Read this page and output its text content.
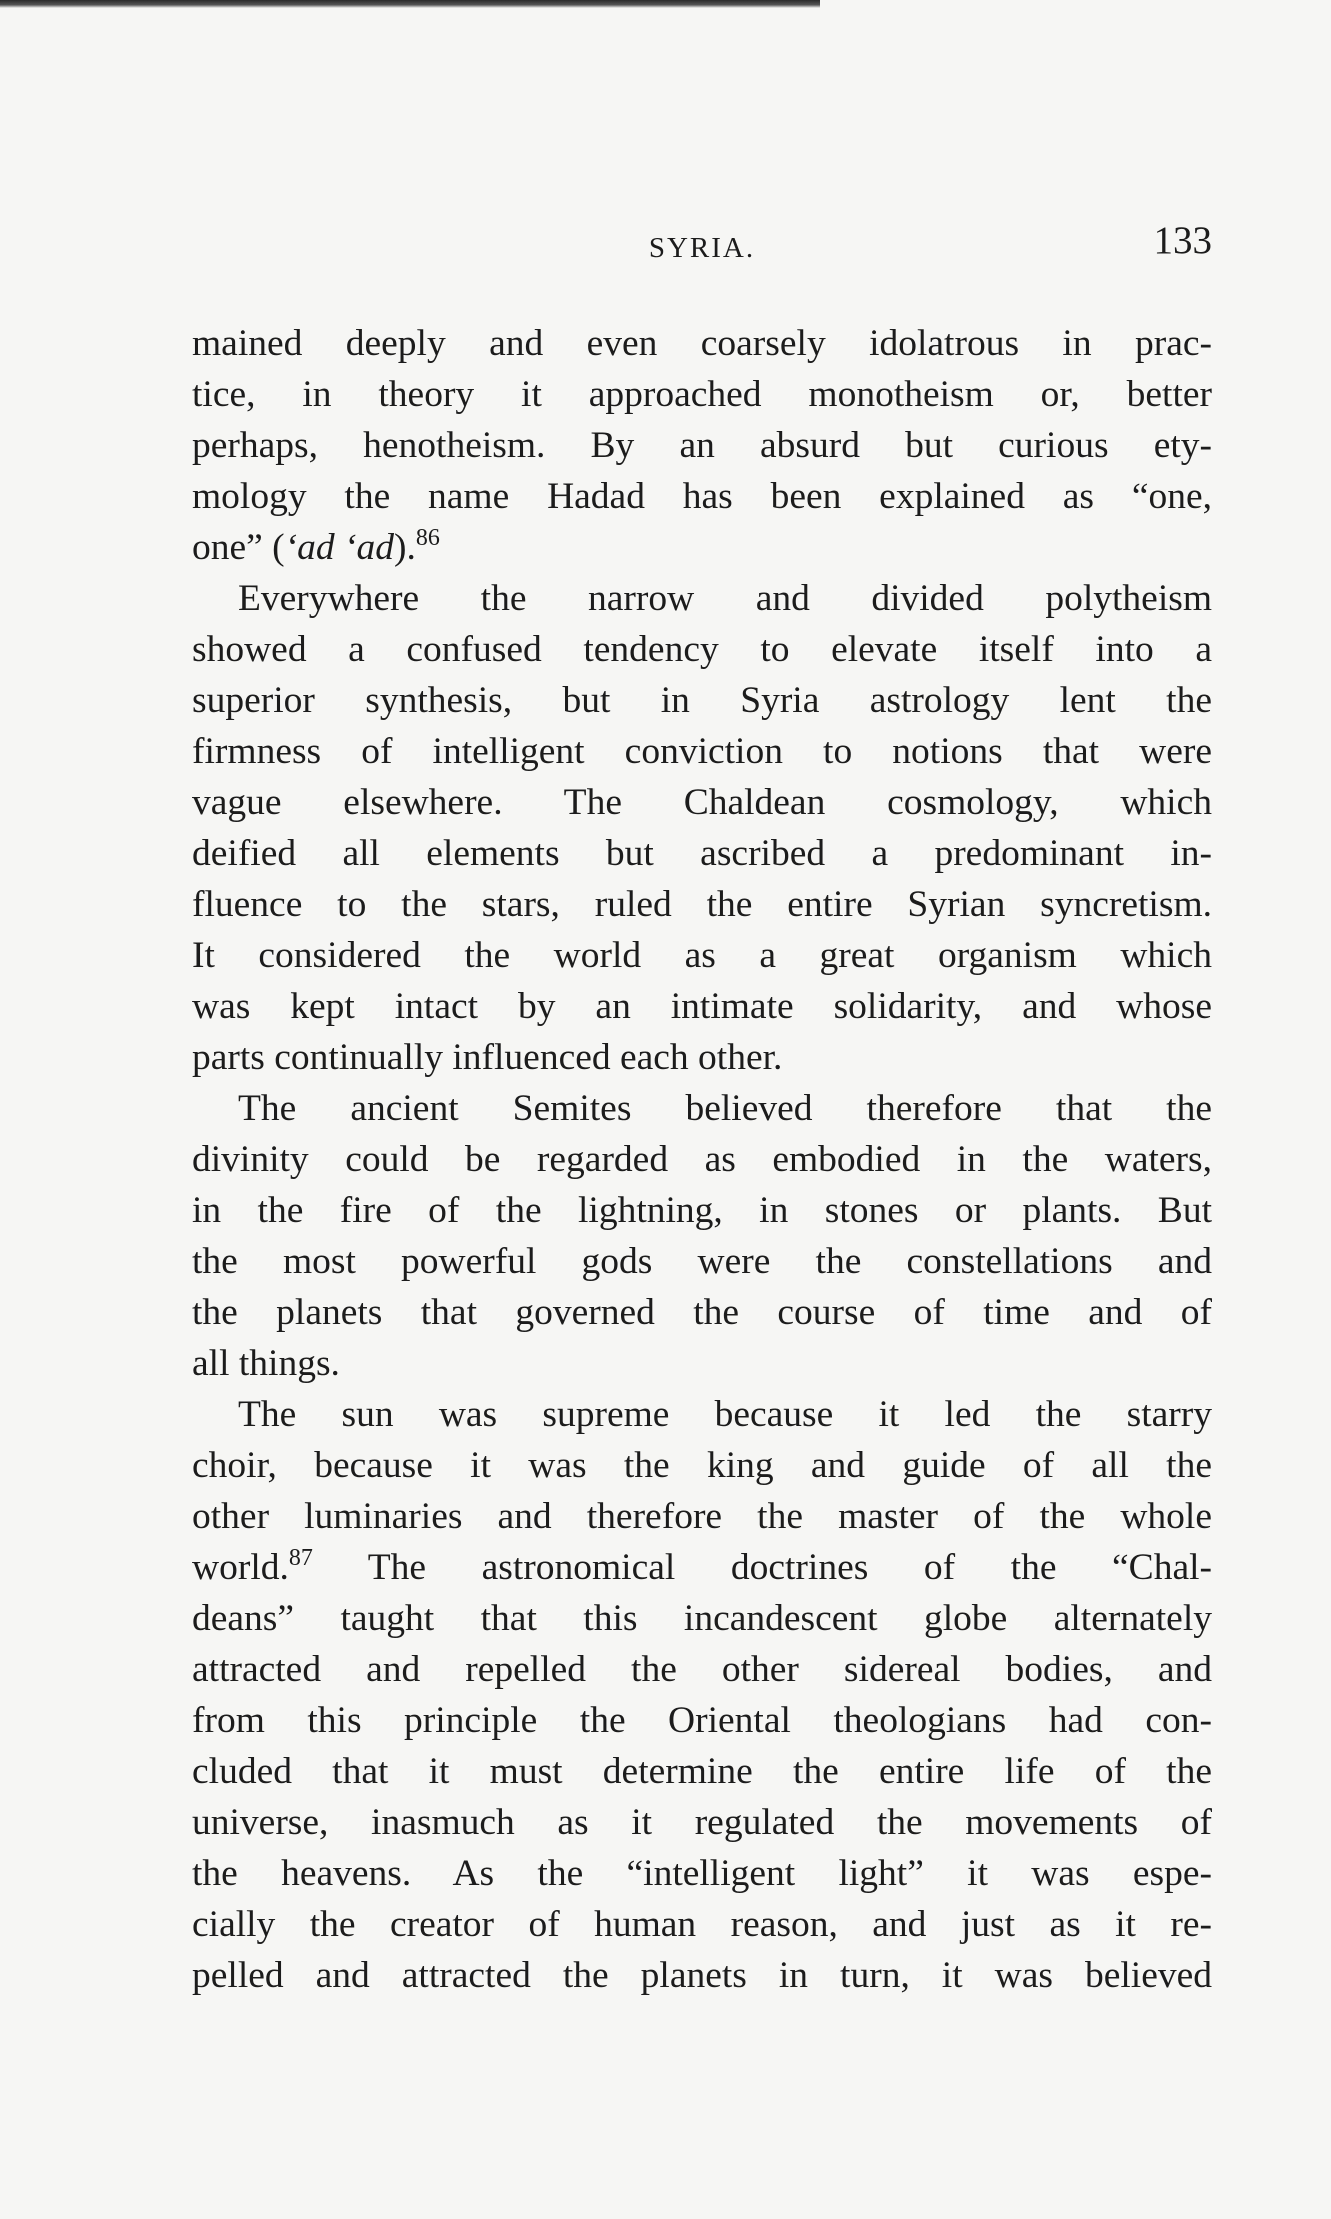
SYRIA.	133
mained deeply and even coarsely idolatrous in prac-
tice, in theory it approached monotheism or, better
perhaps, henotheism. By an absurd but curious ety-
mology the name Hadad has been explained as “one,
one” (‘ad ‘ad).$^{86}$
Everywhere the narrow and divided polytheism
showed a confused tendency to elevate itself into a
superior synthesis, but in Syria astrology lent the
firmness of intelligent conviction to notions that were
vague elsewhere. The Chaldean cosmology, which
deified all elements but ascribed a predominant in-
fluence to the stars, ruled the entire Syrian syncretism.
It considered the world as a great organism which
was kept intact by an intimate solidarity, and whose
parts continually influenced each other.
The ancient Semites believed therefore that the
divinity could be regarded as embodied in the waters,
in the fire of the lightning, in stones or plants. But
the most powerful gods were the constellations and
the planets that governed the course of time and of
all things.
The sun was supreme because it led the starry
choir, because it was the king and guide of all the
other luminaries and therefore the master of the whole
world.$^{87}$ The astronomical doctrines of the “Chal-
deans” taught that this incandescent globe alternately
attracted and repelled the other sidereal bodies, and
from this principle the Oriental theologians had con-
cluded that it must determine the entire life of the
universe, inasmuch as it regulated the movements of
the heavens. As the “intelligent light” it was espe-
cially the creator of human reason, and just as it re-
pelled and attracted the planets in turn, it was believed
